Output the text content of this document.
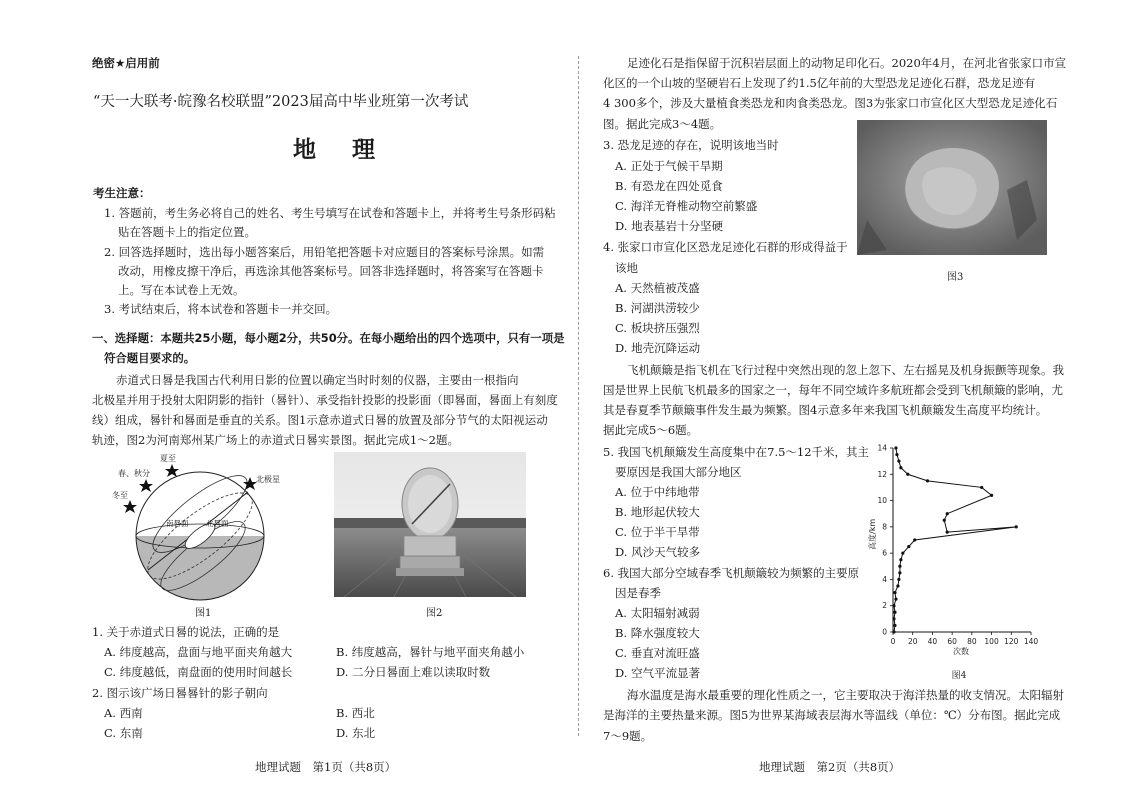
绝密★启用前
“天一大联考·皖豫名校联盟”2023届高中毕业班第一次考试
地 理
考生注意：
1. 答题前，考生务必将自己的姓名、考生号填写在试卷和答题卡上，并将考生号条形码粘
贴在答题卡上的指定位置。
2. 回答选择题时，选出每小题答案后，用铅笔把答题卡对应题目的答案标号涂黑。如需
改动，用橡皮擦干净后，再选涂其他答案标号。回答非选择题时，将答案写在答题卡
上。写在本试卷上无效。
3. 考试结束后，将本试卷和答题卡一并交回。
一、选择题：本题共25小题，每小题2分，共50分。在每小题给出的四个选项中，只有一项是
符合题目要求的。
赤道式日晷是我国古代利用日影的位置以确定当时时刻的仪器，主要由一根指向
北极星并用于投射太阳阴影的指针（晷针）、承受指针投影的投影面（即晷面，晷面上有刻度
线）组成，晷针和晷面是垂直的关系。图1示意赤道式日晷的放置及部分节气的太阳视运动
轨迹，图2为河南郑州某广场上的赤道式日晷实景图。据此完成1～2题。
夏至
春、秋分
冬至
北极星
南晷面 北晷面
图1	图2
1. 关于赤道式日晷的说法，正确的是
A. 纬度越高，盘面与地平面夹角越大	B. 纬度越高，晷针与地平面夹角越小
C. 纬度越低，南盘面的使用时间越长	D. 二分日晷面上难以读取时数
2. 图示该广场日晷晷针的影子朝向
A. 西南	B. 西北
C. 东南	D. 东北
地理试题　第1页（共8页）
足迹化石是指保留于沉积岩层面上的动物足印化石。2020年4月，在河北省张家口市宣
化区的一个山坡的坚硬岩石上发现了约1.5亿年前的大型恐龙足迹化石群，恐龙足迹有
4 300多个，涉及大量植食类恐龙和肉食类恐龙。图3为张家口市宣化区大型恐龙足迹化石
图。据此完成3～4题。
3. 恐龙足迹的存在，说明该地当时
A. 正处于气候干旱期
B. 有恐龙在四处觅食
C. 海洋无脊椎动物空前繁盛
D. 地表基岩十分坚硬
4. 张家口市宣化区恐龙足迹化石群的形成得益于
该地
A. 天然植被茂盛
B. 河湖洪涝较少
C. 板块挤压强烈
D. 地壳沉降运动
图3
飞机颠簸是指飞机在飞行过程中突然出现的忽上忽下、左右摇晃及机身振颤等现象。我
国是世界上民航飞机最多的国家之一，每年不同空域许多航班都会受到飞机颠簸的影响，尤
其是春夏季节颠簸事件发生最为频繁。图4示意多年来我国飞机颠簸发生高度平均统计。
据此完成5～6题。
5. 我国飞机颠簸发生高度集中在7.5～12千米，其主
要原因是我国大部分地区
A. 位于中纬地带
B. 地形起伏较大
C. 位于半干旱带
D. 风沙天气较多
6. 我国大部分空域春季飞机颠簸较为频繁的主要原
因是春季
A. 太阳辐射减弱
B. 降水强度较大
C. 垂直对流旺盛
D. 空气平流显著
0 20 40 60 80 100 120 140
0
2
4
6
8
10
12
14
高度/km
次数
图4
海水温度是海水最重要的理化性质之一，它主要取决于海洋热量的收支情况。太阳辐射
是海洋的主要热量来源。图5为世界某海域表层海水等温线（单位：℃）分布图。据此完成
7～9题。
地理试题　第2页（共8页）
